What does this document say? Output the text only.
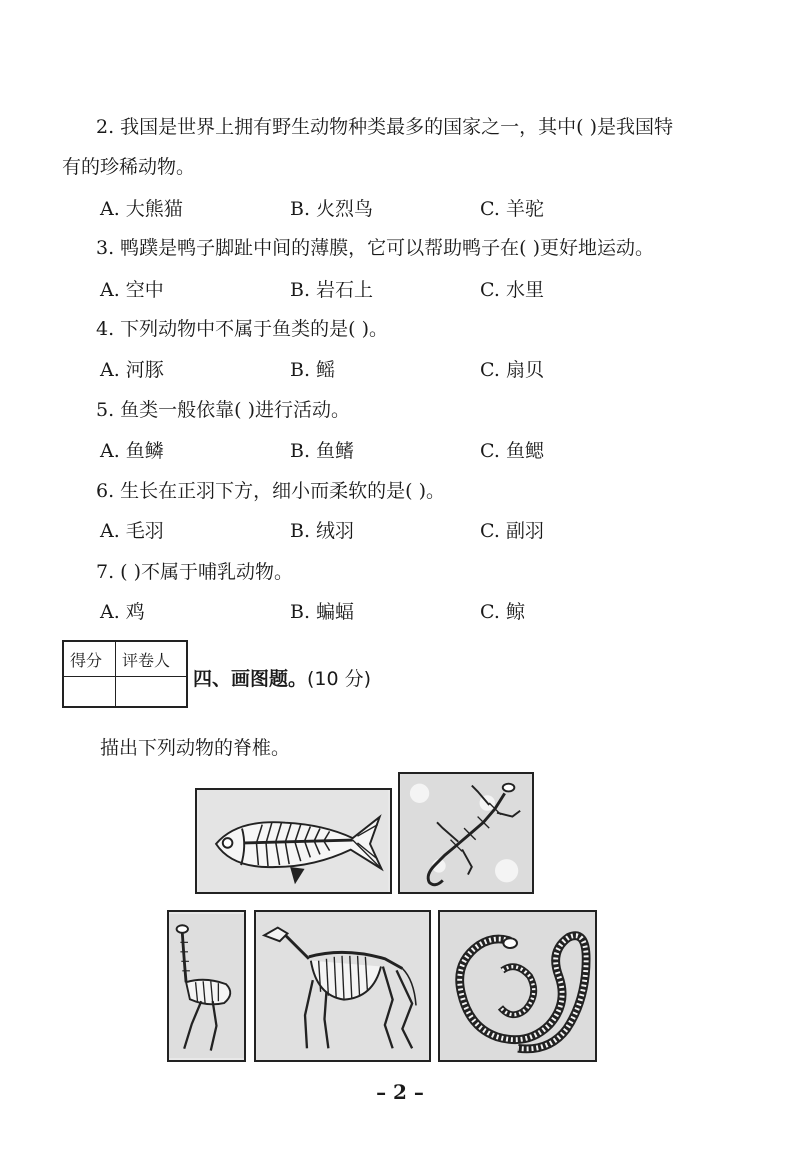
2. 我国是世界上拥有野生动物种类最多的国家之一，其中( )是我国特
有的珍稀动物。
A. 大熊猫	B. 火烈鸟	C. 羊驼
3. 鸭蹼是鸭子脚趾中间的薄膜，它可以帮助鸭子在( )更好地运动。
A. 空中	B. 岩石上	C. 水里
4. 下列动物中不属于鱼类的是( )。
A. 河豚	B. 鳐	C. 扇贝
5. 鱼类一般依靠( )进行活动。
A. 鱼鳞	B. 鱼鳍	C. 鱼鳃
6. 生长在正羽下方，细小而柔软的是( )。
A. 毛羽	B. 绒羽	C. 副羽
7. ( )不属于哺乳动物。
A. 鸡	B. 蝙蝠	C. 鲸
得分 评卷人
四、画图题。(10 分)
描出下列动物的脊椎。
– 2 –
